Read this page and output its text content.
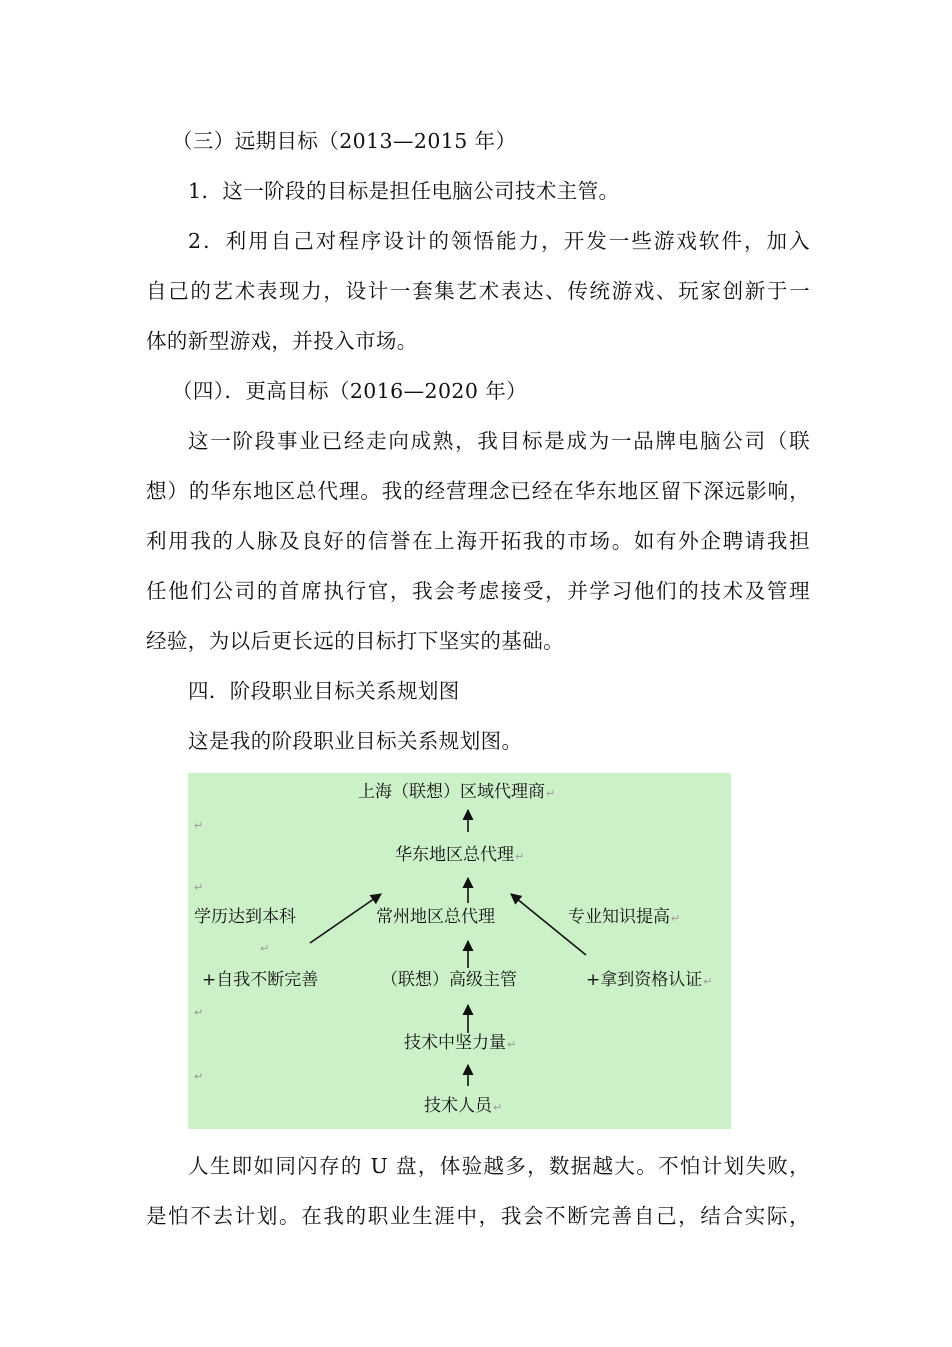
（三）远期目标（2013—2015 年）
1．这一阶段的目标是担任电脑公司技术主管。
2．利用自己对程序设计的领悟能力，开发一些游戏软件，加入
自己的艺术表现力，设计一套集艺术表达、传统游戏、玩家创新于一
体的新型游戏，并投入市场。
（四）．更高目标（2016—2020 年）
这一阶段事业已经走向成熟，我目标是成为一品牌电脑公司（联
想）的华东地区总代理。我的经营理念已经在华东地区留下深远影响，
利用我的人脉及良好的信誉在上海开拓我的市场。如有外企聘请我担
任他们公司的首席执行官，我会考虑接受，并学习他们的技术及管理
经验，为以后更长远的目标打下坚实的基础。
四．阶段职业目标关系规划图
这是我的阶段职业目标关系规划图。
上海（联想）区域代理商↵
↵
华东地区总代理↵
↵
学历达到本科	常州地区总代理	专业知识提高↵
↵
+自我不断完善	（联想）高级主管	+拿到资格认证↵
↵
技术中坚力量↵
↵
技术人员↵
人生即如同闪存的 U 盘，体验越多，数据越大。不怕计划失败，
是怕不去计划。在我的职业生涯中，我会不断完善自己，结合实际，
